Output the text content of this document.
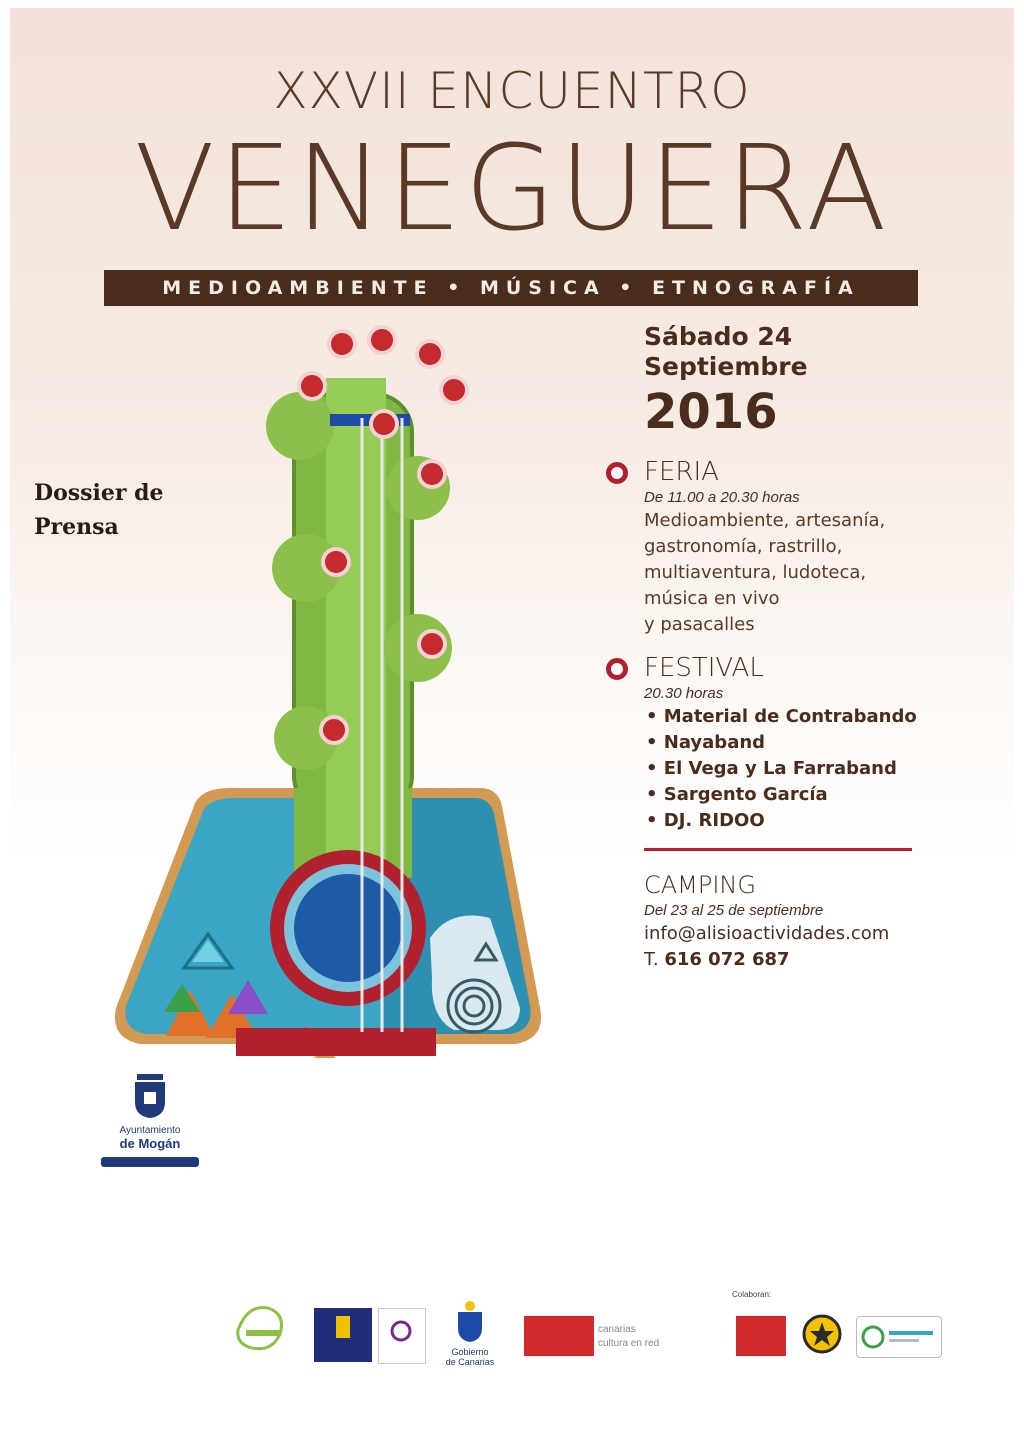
XXVII ENCUENTRO
VENEGUERA
MEDIOAMBIENTE • MÚSICA • ETNOGRAFÍA
Dossier de
Prensa
Sábado 24
Septiembre
2016
FERIA
De 11.00 a 20.30 horas
Medioambiente, artesanía,
gastronomía, rastrillo,
multiaventura, ludoteca,
música en vivo
y pasacalles
FESTIVAL
20.30 horas
• Material de Contrabando
• Nayaband
• El Vega y La Farraband
• Sargento García
• DJ. RIDOO
CAMPING
Del 23 al 25 de septiembre
info@alisioactividades.com
T. 616 072 687
Ayuntamiento
de Mogán
Gobierno
de Canarias
canarias
cultura en red
Colaboran:
